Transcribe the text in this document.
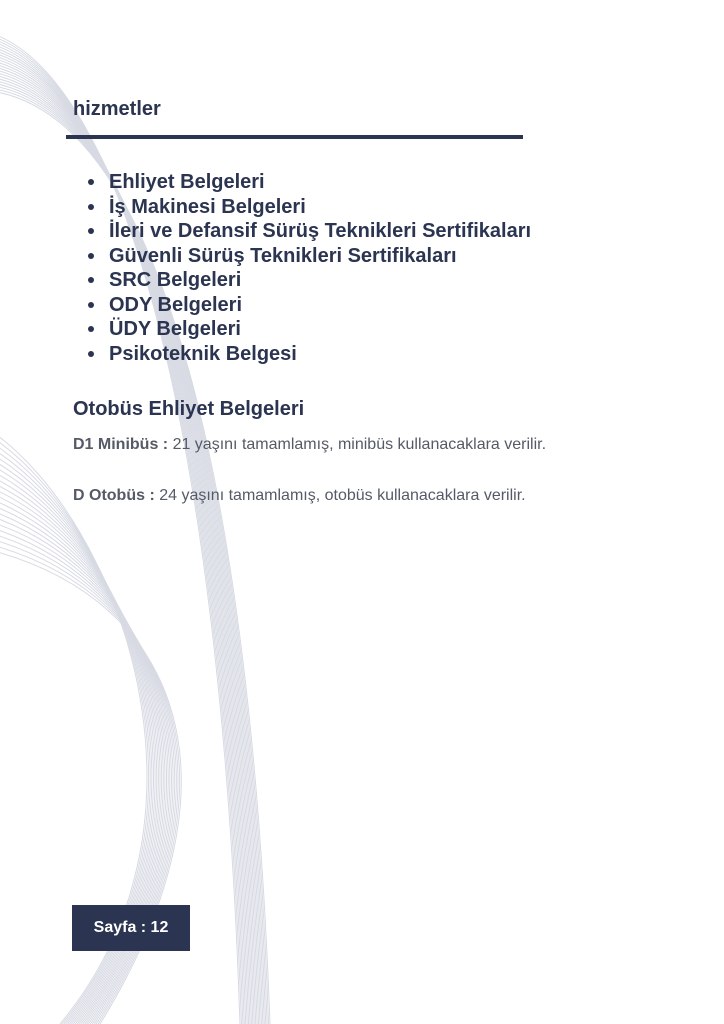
hizmetler
Ehliyet Belgeleri
İş Makinesi Belgeleri
İleri ve Defansif Sürüş Teknikleri Sertifikaları
Güvenli Sürüş Teknikleri Sertifikaları
SRC Belgeleri
ODY Belgeleri
ÜDY Belgeleri
Psikoteknik Belgesi
Otobüs Ehliyet Belgeleri
D1 Minibüs : 21 yaşını tamamlamış, minibüs kullanacaklara verilir.
D Otobüs : 24 yaşını tamamlamış, otobüs kullanacaklara verilir.
Sayfa : 12
